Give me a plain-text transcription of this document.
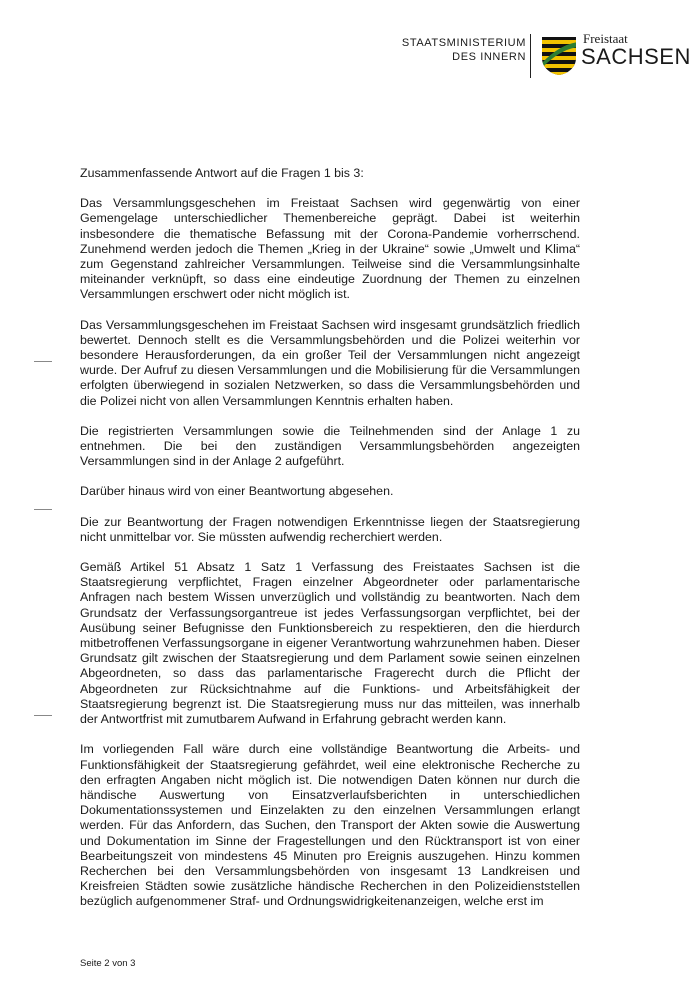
STAATSMINISTERIUM
DES INNERN
Freistaat
SACHSEN

Zusammenfassende Antwort auf die Fragen 1 bis 3:

Das Versammlungsgeschehen im Freistaat Sachsen wird gegenwärtig von einer Gemengelage unterschiedlicher Themenbereiche geprägt. Dabei ist weiterhin insbesondere die thematische Befassung mit der Corona-Pandemie vorherrschend. Zunehmend werden jedoch die Themen „Krieg in der Ukraine“ sowie „Umwelt und Klima“ zum Gegenstand zahlreicher Versammlungen. Teilweise sind die Versammlungsinhalte miteinander verknüpft, so dass eine eindeutige Zuordnung der Themen zu einzelnen Versammlungen erschwert oder nicht möglich ist.

Das Versammlungsgeschehen im Freistaat Sachsen wird insgesamt grundsätzlich friedlich bewertet. Dennoch stellt es die Versammlungsbehörden und die Polizei weiterhin vor besondere Herausforderungen, da ein großer Teil der Versammlungen nicht angezeigt wurde. Der Aufruf zu diesen Versammlungen und die Mobilisierung für die Versammlungen erfolgten überwiegend in sozialen Netzwerken, so dass die Versammlungsbehörden und die Polizei nicht von allen Versammlungen Kenntnis erhalten haben.

Die registrierten Versammlungen sowie die Teilnehmenden sind der Anlage 1 zu entnehmen. Die bei den zuständigen Versammlungsbehörden angezeigten Versammlungen sind in der Anlage 2 aufgeführt.

Darüber hinaus wird von einer Beantwortung abgesehen.

Die zur Beantwortung der Fragen notwendigen Erkenntnisse liegen der Staatsregierung nicht unmittelbar vor. Sie müssten aufwendig recherchiert werden.

Gemäß Artikel 51 Absatz 1 Satz 1 Verfassung des Freistaates Sachsen ist die Staatsregierung verpflichtet, Fragen einzelner Abgeordneter oder parlamentarische Anfragen nach bestem Wissen unverzüglich und vollständig zu beantworten. Nach dem Grundsatz der Verfassungsorgantreue ist jedes Verfassungsorgan verpflichtet, bei der Ausübung seiner Befugnisse den Funktionsbereich zu respektieren, den die hierdurch mitbetroffenen Verfassungsorgane in eigener Verantwortung wahrzunehmen haben. Dieser Grundsatz gilt zwischen der Staatsregierung und dem Parlament sowie seinen einzelnen Abgeordneten, so dass das parlamentarische Fragerecht durch die Pflicht der Abgeordneten zur Rücksichtnahme auf die Funktions- und Arbeitsfähigkeit der Staatsregierung begrenzt ist. Die Staatsregierung muss nur das mitteilen, was innerhalb der Antwortfrist mit zumutbarem Aufwand in Erfahrung gebracht werden kann.

Im vorliegenden Fall wäre durch eine vollständige Beantwortung die Arbeits- und Funktionsfähigkeit der Staatsregierung gefährdet, weil eine elektronische Recherche zu den erfragten Angaben nicht möglich ist. Die notwendigen Daten können nur durch die händische Auswertung von Einsatzverlaufsberichten in unterschiedlichen Dokumentationssystemen und Einzelakten zu den einzelnen Versammlungen erlangt werden. Für das Anfordern, das Suchen, den Transport der Akten sowie die Auswertung und Dokumentation im Sinne der Fragestellungen und den Rücktransport ist von einer Bearbeitungszeit von mindestens 45 Minuten pro Ereignis auszugehen. Hinzu kommen Recherchen bei den Versammlungsbehörden von insgesamt 13 Landkreisen und Kreisfreien Städten sowie zusätzliche händische Recherchen in den Polizeidienststellen bezüglich aufgenommener Straf- und Ordnungswidrigkeitenanzeigen, welche erst im

Seite 2 von 3
